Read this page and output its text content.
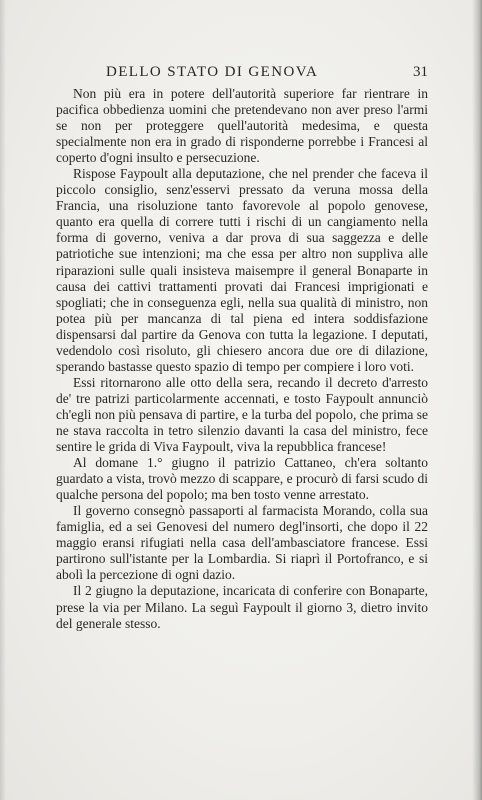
DELLO STATO DI GENOVA	31

Non più era in potere dell'autorità superiore far rientrare in pacifica obbedienza uomini che pretendevano non aver preso l'armi se non per proteggere quell'autorità medesima, e questa specialmente non era in grado di risponderne porrebbe i Francesi al coperto d'ogni insulto e persecuzione.

Rispose Faypoult alla deputazione, che nel prender che faceva il piccolo consiglio, senz'esservi pressato da veruna mossa della Francia, una risoluzione tanto favorevole al popolo genovese, quanto era quella di correre tutti i rischi di un cangiamento nella forma di governo, veniva a dar prova di sua saggezza e delle patriotiche sue intenzioni; ma che essa per altro non suppliva alle riparazioni sulle quali insisteva maisempre il general Bonaparte in causa dei cattivi trattamenti provati dai Francesi imprigionati e spogliati; che in conseguenza egli, nella sua qualità di ministro, non potea più per mancanza di tal piena ed intera soddisfazione dispensarsi dal partire da Genova con tutta la legazione. I deputati, vedendolo così risoluto, gli chiesero ancora due ore di dilazione, sperando bastasse questo spazio di tempo per compiere i loro voti.

Essi ritornarono alle otto della sera, recando il decreto d'arresto de' tre patrizi particolarmente accennati, e tosto Faypoult annunciò ch'egli non più pensava di partire, e la turba del popolo, che prima se ne stava raccolta in tetro silenzio davanti la casa del ministro, fece sentire le grida di Viva Faypoult, viva la repubblica francese!

Al domane 1.° giugno il patrizio Cattaneo, ch'era soltanto guardato a vista, trovò mezzo di scappare, e procurò di farsi scudo di qualche persona del popolo; ma ben tosto venne arrestato.

Il governo consegnò passaporti al farmacista Morando, colla sua famiglia, ed a sei Genovesi del numero degl'insorti, che dopo il 22 maggio eransi rifugiati nella casa dell'ambasciatore francese. Essi partirono sull'istante per la Lombardia. Si riaprì il Portofranco, e si abolì la percezione di ogni dazio.

Il 2 giugno la deputazione, incaricata di conferire con Bonaparte, prese la via per Milano. La seguì Faypoult il giorno 3, dietro invito del generale stesso.
